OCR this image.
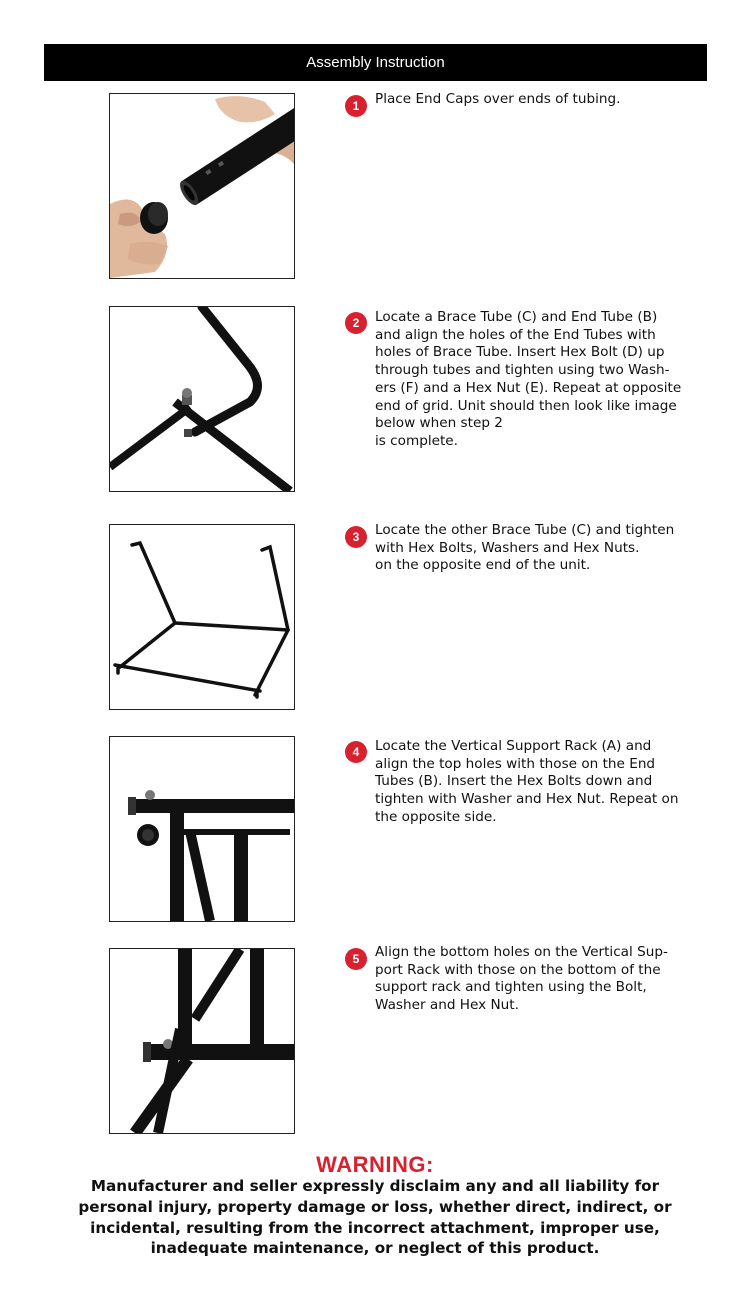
Assembly Instruction
1	Place End Caps over ends of tubing.
2	Locate a Brace Tube (C) and End Tube (B)
and align the holes of the End Tubes with
holes of Brace Tube. Insert Hex Bolt (D) up
through tubes and tighten using two Wash-
ers (F) and a Hex Nut (E). Repeat at opposite
end of grid. Unit should then look like image
below when step 2
is complete.
3	Locate the other Brace Tube (C) and tighten
with Hex Bolts, Washers and Hex Nuts.
on the opposite end of the unit.
4	Locate the Vertical Support Rack (A) and
align the top holes with those on the End
Tubes (B). Insert the Hex Bolts down and
tighten with Washer and Hex Nut. Repeat on
the opposite side.
5	Align the bottom holes on the Vertical Sup-
port Rack with those on the bottom of the
support rack and tighten using the Bolt,
Washer and Hex Nut.
WARNING:
Manufacturer and seller expressly disclaim any and all liability for personal injury, property damage or loss, whether direct, indirect, or incidental, resulting from the incorrect attachment, improper use, inadequate maintenance, or neglect of this product.
